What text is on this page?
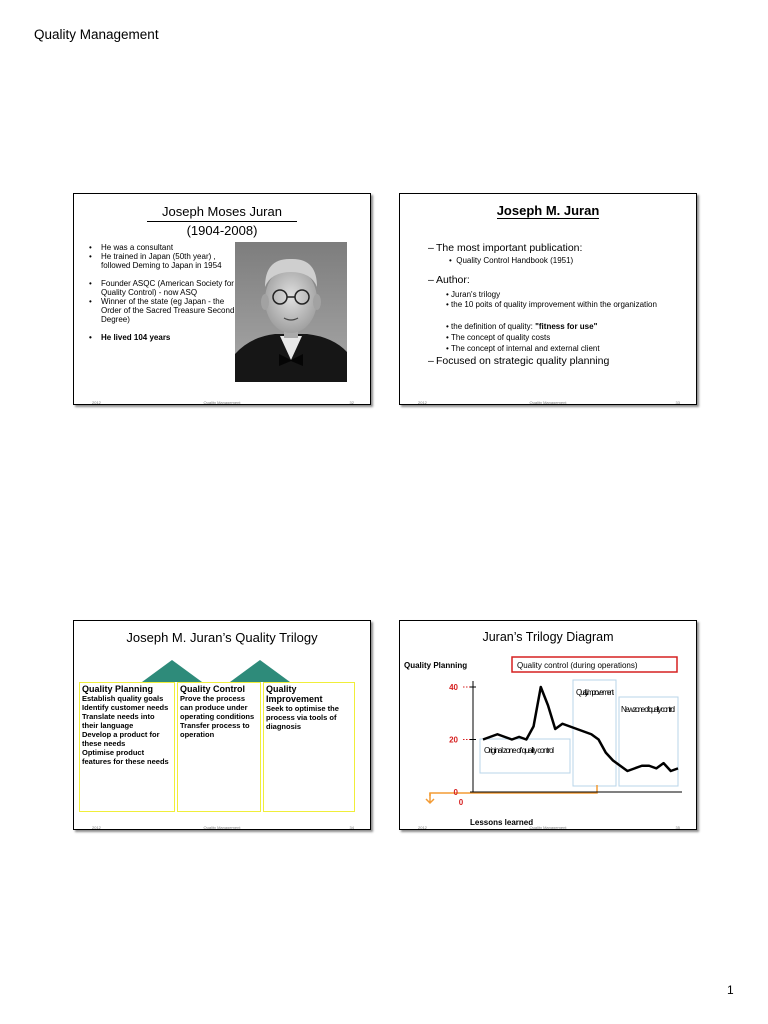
Quality Management
Joseph Moses Juran
(1904-2008)
• He was a consultant
• He trained in Japan (50th year) , followed Deming to Japan in 1954
• Founder ASQC (American Society for Quality Control) - now ASQ
• Winner of the state (eg Japan - the Order of the Sacred Treasure Second Degree)
• He lived 104 years
2012	Quality Management	32
Joseph M. Juran
– The most important publication:
•  Quality Control Handbook (1951)
– Author:
• Juran's trilogy
• the 10 poits of quality improvement within the organization
• the definition of quality: "fitness for use"
• The concept of quality costs
• The concept of internal and external client
– Focused on strategic quality planning
2012	Quality Management	33
Joseph M. Juran’s Quality Trilogy
Quality Planning
Establish quality goals
Identify customer needs
Translate needs into their language
Develop a product for these needs
Optimise product features for these needs
Quality Control
Prove the process can produce under operating conditions
Transfer process to operation
Quality Improvement
Seek to optimise the process via tools of diagnosis
2012	Quality Management	34
Juran’s Trilogy Diagram
Quality Planning	Quality control (during operations)
Original zone of quality control
Quality improve-ment
New zone of quality control
Lessons learned
0
20
40
0
2012	Quality Management	35
1
